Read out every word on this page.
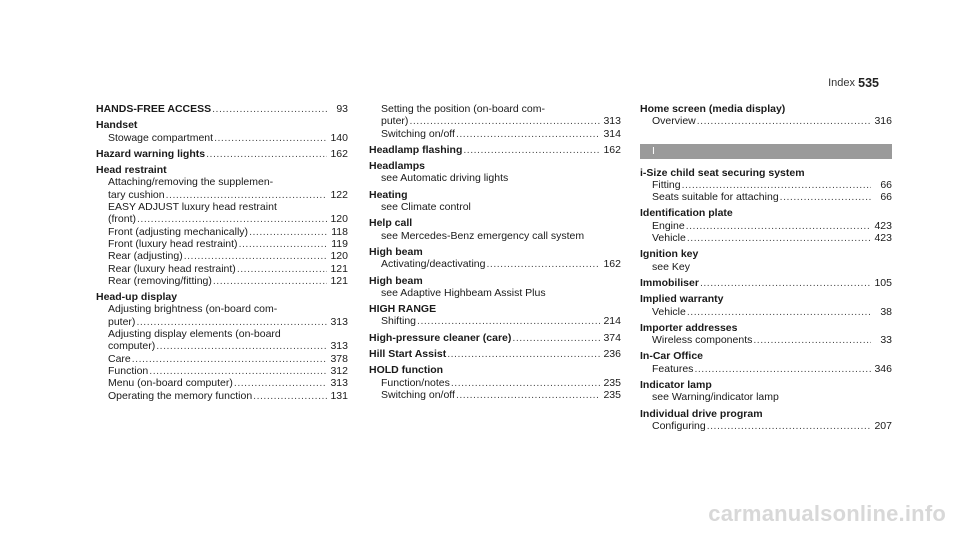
Index 535
HANDS-FREE ACCESS .....	93
Handset
Stowage compartment .....	140
Hazard warning lights .....	162
Head restraint
Attaching/removing the supplemen-
tary cushion .....	122
EASY ADJUST luxury head restraint
(front) .....	120
Front (adjusting mechanically) .....	118
Front (luxury head restraint) .....	119
Rear (adjusting) .....	120
Rear (luxury head restraint) .....	121
Rear (removing/fitting) .....	121
Head-up display
Adjusting brightness (on-board com-
puter) .....	313
Adjusting display elements (on-board
computer) .....	313
Care .....	378
Function .....	312
Menu (on-board computer) .....	313
Operating the memory function .....	131
Setting the position (on-board com-
puter) .....	313
Switching on/off .....	314
Headlamp flashing .....	162
Headlamps
see Automatic driving lights
Heating
see Climate control
Help call
see Mercedes-Benz emergency call system
High beam
Activating/deactivating .....	162
High beam
see Adaptive Highbeam Assist Plus
HIGH RANGE
Shifting .....	214
High-pressure cleaner (care) .....	374
Hill Start Assist .....	236
HOLD function
Function/notes .....	235
Switching on/off .....	235
Home screen (media display)
Overview .....	316
I
i-Size child seat securing system
Fitting .....	66
Seats suitable for attaching .....	66
Identification plate
Engine .....	423
Vehicle .....	423
Ignition key
see Key
Immobiliser .....	105
Implied warranty
Vehicle .....	38
Importer addresses
Wireless components .....	33
In-Car Office
Features .....	346
Indicator lamp
see Warning/indicator lamp
Individual drive program
Configuring .....	207
carmanualsonline.info
